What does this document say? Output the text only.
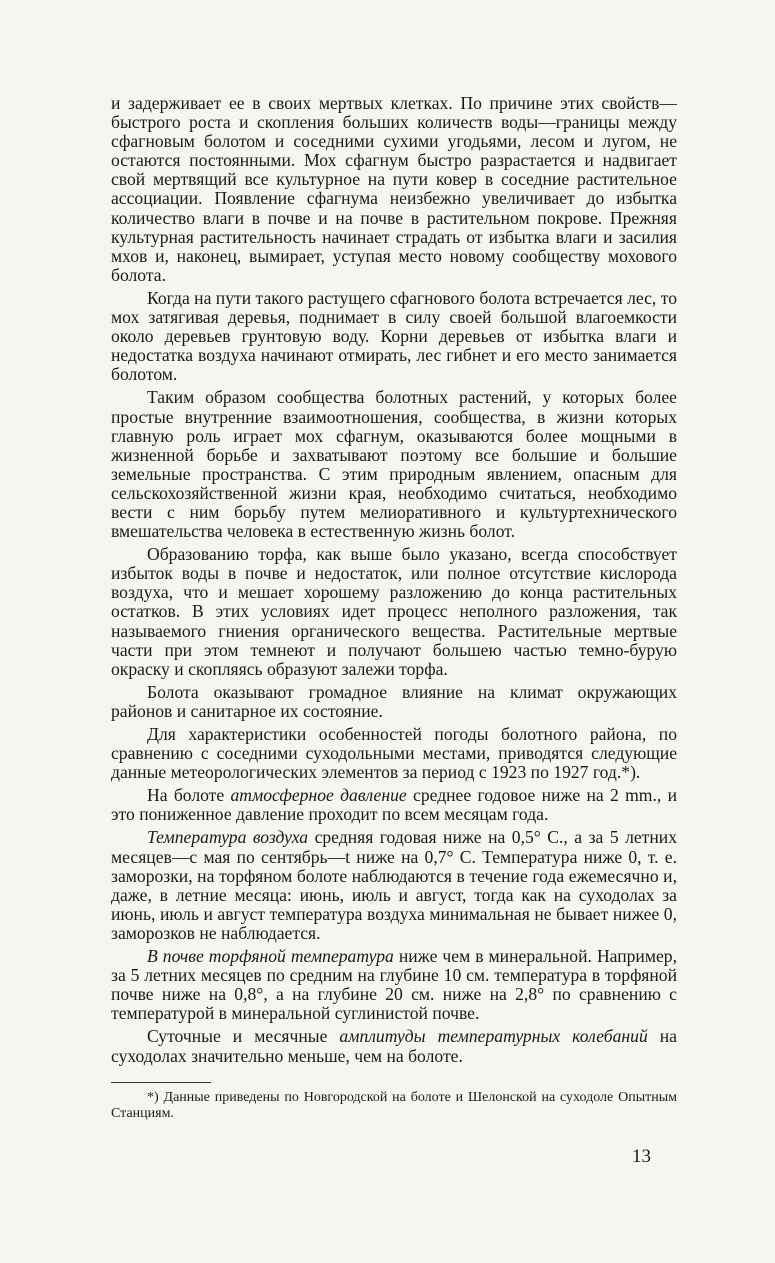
и задерживает ее в своих мертвых клетках. По причине этих свойств—быстрого роста и скопления больших количеств воды—границы между сфагновым болотом и соседними сухими угодьями, лесом и лугом, не остаются постоянными. Мох сфагнум быстро разрастается и надвигает свой мертвящий все культурное на пути ковер в соседние растительное ассоциации. Появление сфагнума неизбежно увеличивает до избытка количество влаги в почве и на почве в растительном покрове. Прежняя культурная растительность начинает страдать от избытка влаги и засилия мхов и, наконец, вымирает, уступая место новому сообществу мохового болота.

Когда на пути такого растущего сфагнового болота встречается лес, то мох затягивая деревья, поднимает в силу своей большой влагоемкости около деревьев грунтовую воду. Корни деревьев от избытка влаги и недостатка воздуха начинают отмирать, лес гибнет и его место занимается болотом.

Таким образом сообщества болотных растений, у которых более простые внутренние взаимоотношения, сообщества, в жизни которых главную роль играет мох сфагнум, оказываются более мощными в жизненной борьбе и захватывают поэтому все большие и большие земельные пространства. С этим природным явлением, опасным для сельскохозяйственной жизни края, необходимо считаться, необходимо вести с ним борьбу путем мелиоративного и культуртехнического вмешательства человека в естественную жизнь болот.

Образованию торфа, как выше было указано, всегда способствует избыток воды в почве и недостаток, или полное отсутствие кислорода воздуха, что и мешает хорошему разложению до конца растительных остатков. В этих условиях идет процесс неполного разложения, так называемого гниения органического вещества. Растительные мертвые части при этом темнеют и получают большею частью темно-бурую окраску и скопляясь образуют залежи торфа.

Болота оказывают громадное влияние на климат окружающих районов и санитарное их состояние.

Для характеристики особенностей погоды болотного района, по сравнению с соседними суходольными местами, приводятся следующие данные метеорологических элементов за период с 1923 по 1927 год.*).

На болоте атмосферное давление среднее годовое ниже на 2 mm., и это пониженное давление проходит по всем месяцам года.

Температура воздуха средняя годовая ниже на 0,5° С., а за 5 летних месяцев—с мая по сентябрь—t ниже на 0,7° С. Температура ниже 0, т. е. заморозки, на торфяном болоте наблюдаются в течение года ежемесячно и, даже, в летние месяца: июнь, июль и август, тогда как на суходолах за июнь, июль и август температура воздуха минимальная не бывает нижее 0, заморозков не наблюдается.

В почве торфяной температура ниже чем в минеральной. Например, за 5 летних месяцев по средним на глубине 10 см. температура в торфяной почве ниже на 0,8°, а на глубине 20 см. ниже на 2,8° по сравнению с температурой в минеральной суглинистой почве.

Суточные и месячные амплитуды температурных колебаний на суходолах значительно меньше, чем на болоте.

*) Данные приведены по Новгородской на болоте и Шелонской на суходоле Опытным Станциям.
13
